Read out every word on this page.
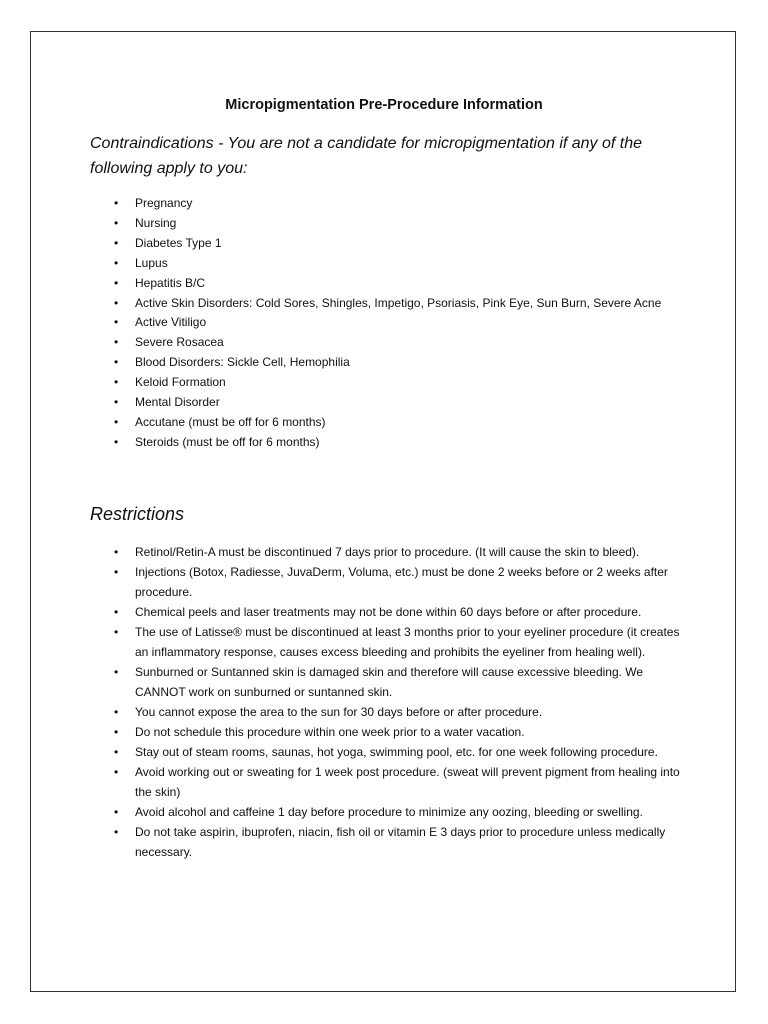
Micropigmentation Pre-Procedure Information
Contraindications - You are not a candidate for micropigmentation if any of the following apply to you:
• Pregnancy
• Nursing
• Diabetes Type 1
• Lupus
• Hepatitis B/C
• Active Skin Disorders: Cold Sores, Shingles, Impetigo, Psoriasis, Pink Eye, Sun Burn, Severe Acne
• Active Vitiligo
• Severe Rosacea
• Blood Disorders: Sickle Cell, Hemophilia
• Keloid Formation
• Mental Disorder
• Accutane (must be off for 6 months)
• Steroids (must be off for 6 months)
Restrictions
• Retinol/Retin-A must be discontinued 7 days prior to procedure. (It will cause the skin to bleed).
• Injections (Botox, Radiesse, JuvaDerm, Voluma, etc.) must be done 2 weeks before or 2 weeks after procedure.
• Chemical peels and laser treatments may not be done within 60 days before or after procedure.
• The use of Latisse® must be discontinued at least 3 months prior to your eyeliner procedure (it creates an inflammatory response, causes excess bleeding and prohibits the eyeliner from healing well).
• Sunburned or Suntanned skin is damaged skin and therefore will cause excessive bleeding. We CANNOT work on sunburned or suntanned skin.
• You cannot expose the area to the sun for 30 days before or after procedure.
• Do not schedule this procedure within one week prior to a water vacation.
• Stay out of steam rooms, saunas, hot yoga, swimming pool, etc. for one week following procedure.
• Avoid working out or sweating for 1 week post procedure. (sweat will prevent pigment from healing into the skin)
• Avoid alcohol and caffeine 1 day before procedure to minimize any oozing, bleeding or swelling.
• Do not take aspirin, ibuprofen, niacin, fish oil or vitamin E 3 days prior to procedure unless medically necessary.
